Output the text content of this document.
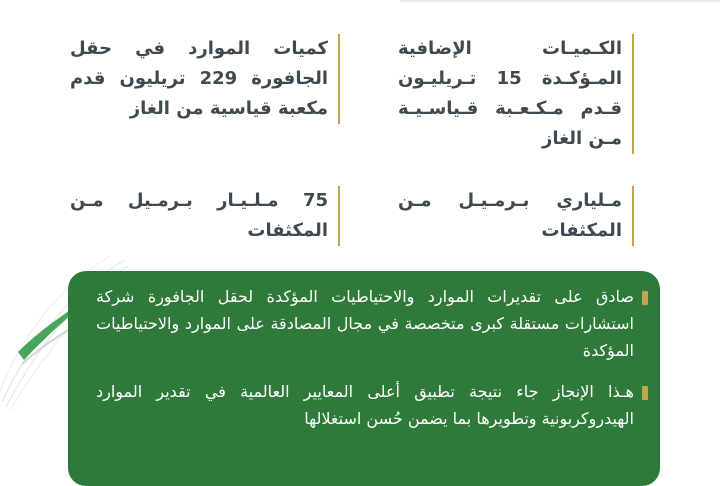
الكـميـات الإضافية المـؤكـدة 15 تـريليـون قـدم مـكـعـبة قـياسـيـة مـن الغاز
كميات الموارد في حقل الجافورة 229 تريليون قدم مكعبة قياسية من الغاز
مـلياري بـرمـيـل مـن المكثفات
75 مـلـيـار بـرمـيل مـن المكثفات
صادق على تقديرات الموارد والاحتياطيات المؤكدة لحقل الجافورة شركة استشارات مستقلة كبرى متخصصة في مجال المصادقة على الموارد والاحتياطيات المؤكدة
هـذا الإنجاز جاء نتيجة تطبيق أعلى المعايير العالمية في تقدير الموارد الهيدروكربونية وتطويرها بما يضمن حُسن استغلالها
